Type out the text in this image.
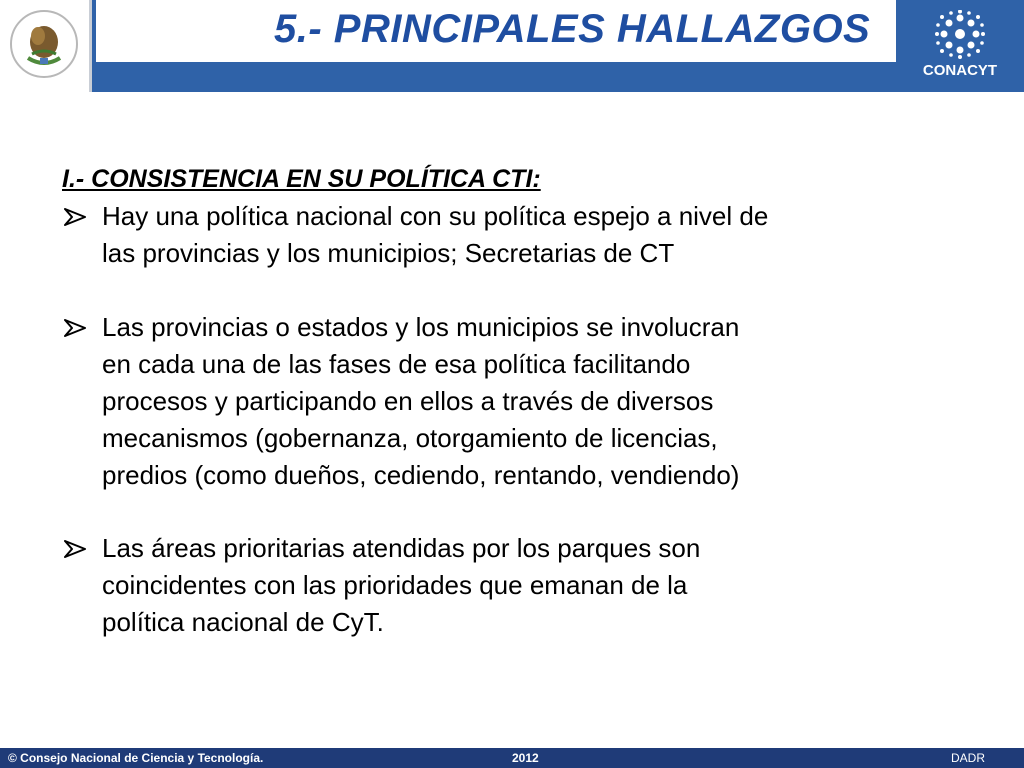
5.- PRINCIPALES HALLAZGOS
CONACYT
I.- CONSISTENCIA EN SU POLÍTICA CTI:
Hay una política nacional con su política espejo a nivel de
las provincias y los municipios; Secretarias de CT
Las provincias o estados y los municipios se involucran
en cada una de las fases de esa política facilitando
procesos y participando en ellos a través de diversos
mecanismos (gobernanza, otorgamiento de licencias,
predios (como dueños, cediendo, rentando, vendiendo)
Las áreas prioritarias atendidas por los parques son
coincidentes con las prioridades que emanan de la
política nacional de CyT.
© Consejo Nacional de Ciencia y Tecnología.	2012	DADR
